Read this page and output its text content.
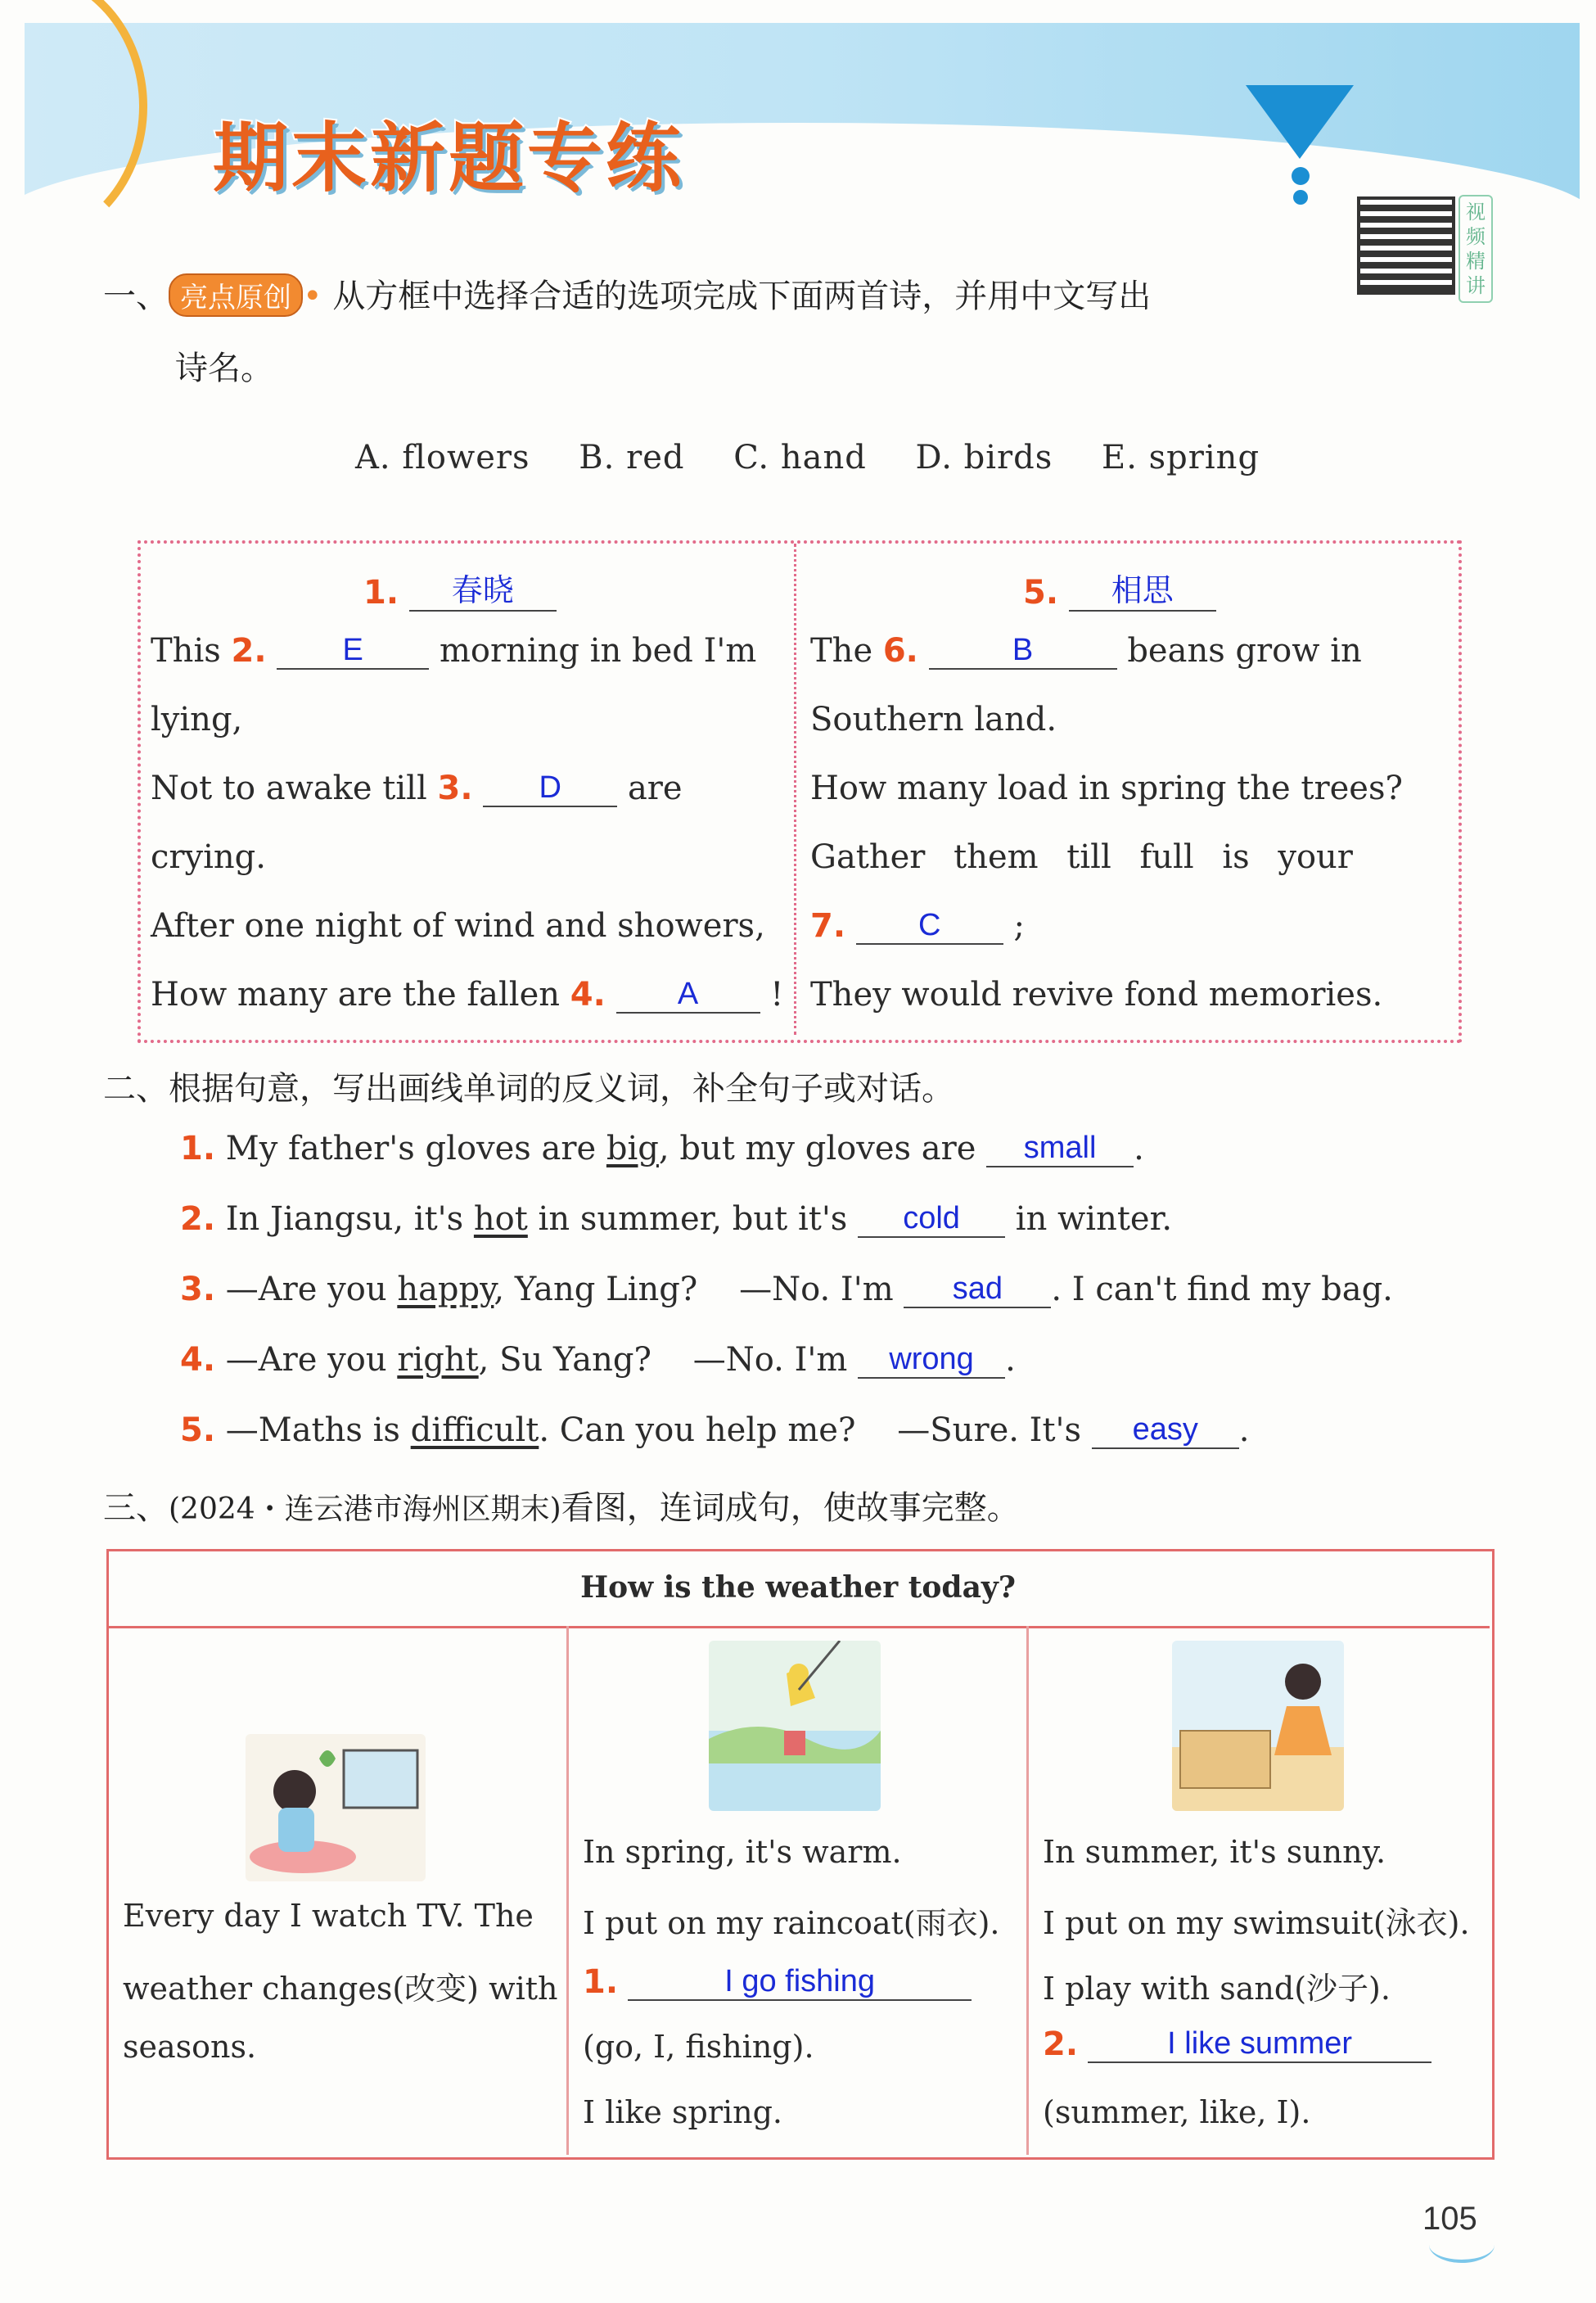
期末新题专练
视频精讲
一、 亮点原创 • 从方框中选择合适的选项完成下面两首诗，并用中文写出
诗名。
A. flowers B. red C. hand D. birds E. spring
1. 春晓
This 2. E morning in bed I'm
lying,
Not to awake till 3. D are
crying.
After one night of wind and showers,
How many are the fallen 4. A !
5. 相思
The 6.	B	beans grow in
Southern land.
How many load in spring the trees?
Gather them till full is your
7. C ;
They would revive fond memories.
二、根据句意，写出画线单词的反义词，补全句子或对话。
1. My father's gloves are big, but my gloves are small .
2. In Jiangsu, it's hot in summer, but it's cold in winter.
3. —Are you happy, Yang Ling?    —No. I'm sad . I can't find my bag.
4. —Are you right, Su Yang?    —No. I'm wrong .
5. —Maths is difficult. Can you help me?    —Sure. It's easy .
三、(2024・连云港市海州区期末)看图，连词成句，使故事完整。
How is the weather today?
Every day I watch TV. The
weather changes(改变) with
seasons.
In spring, it's warm.
I put on my raincoat(雨衣).
1.	I go fishing
(go, I, fishing).
I like spring.
In summer, it's sunny.
I put on my swimsuit(泳衣).
I play with sand(沙子).
2.	I like summer
(summer, like, I).
105
